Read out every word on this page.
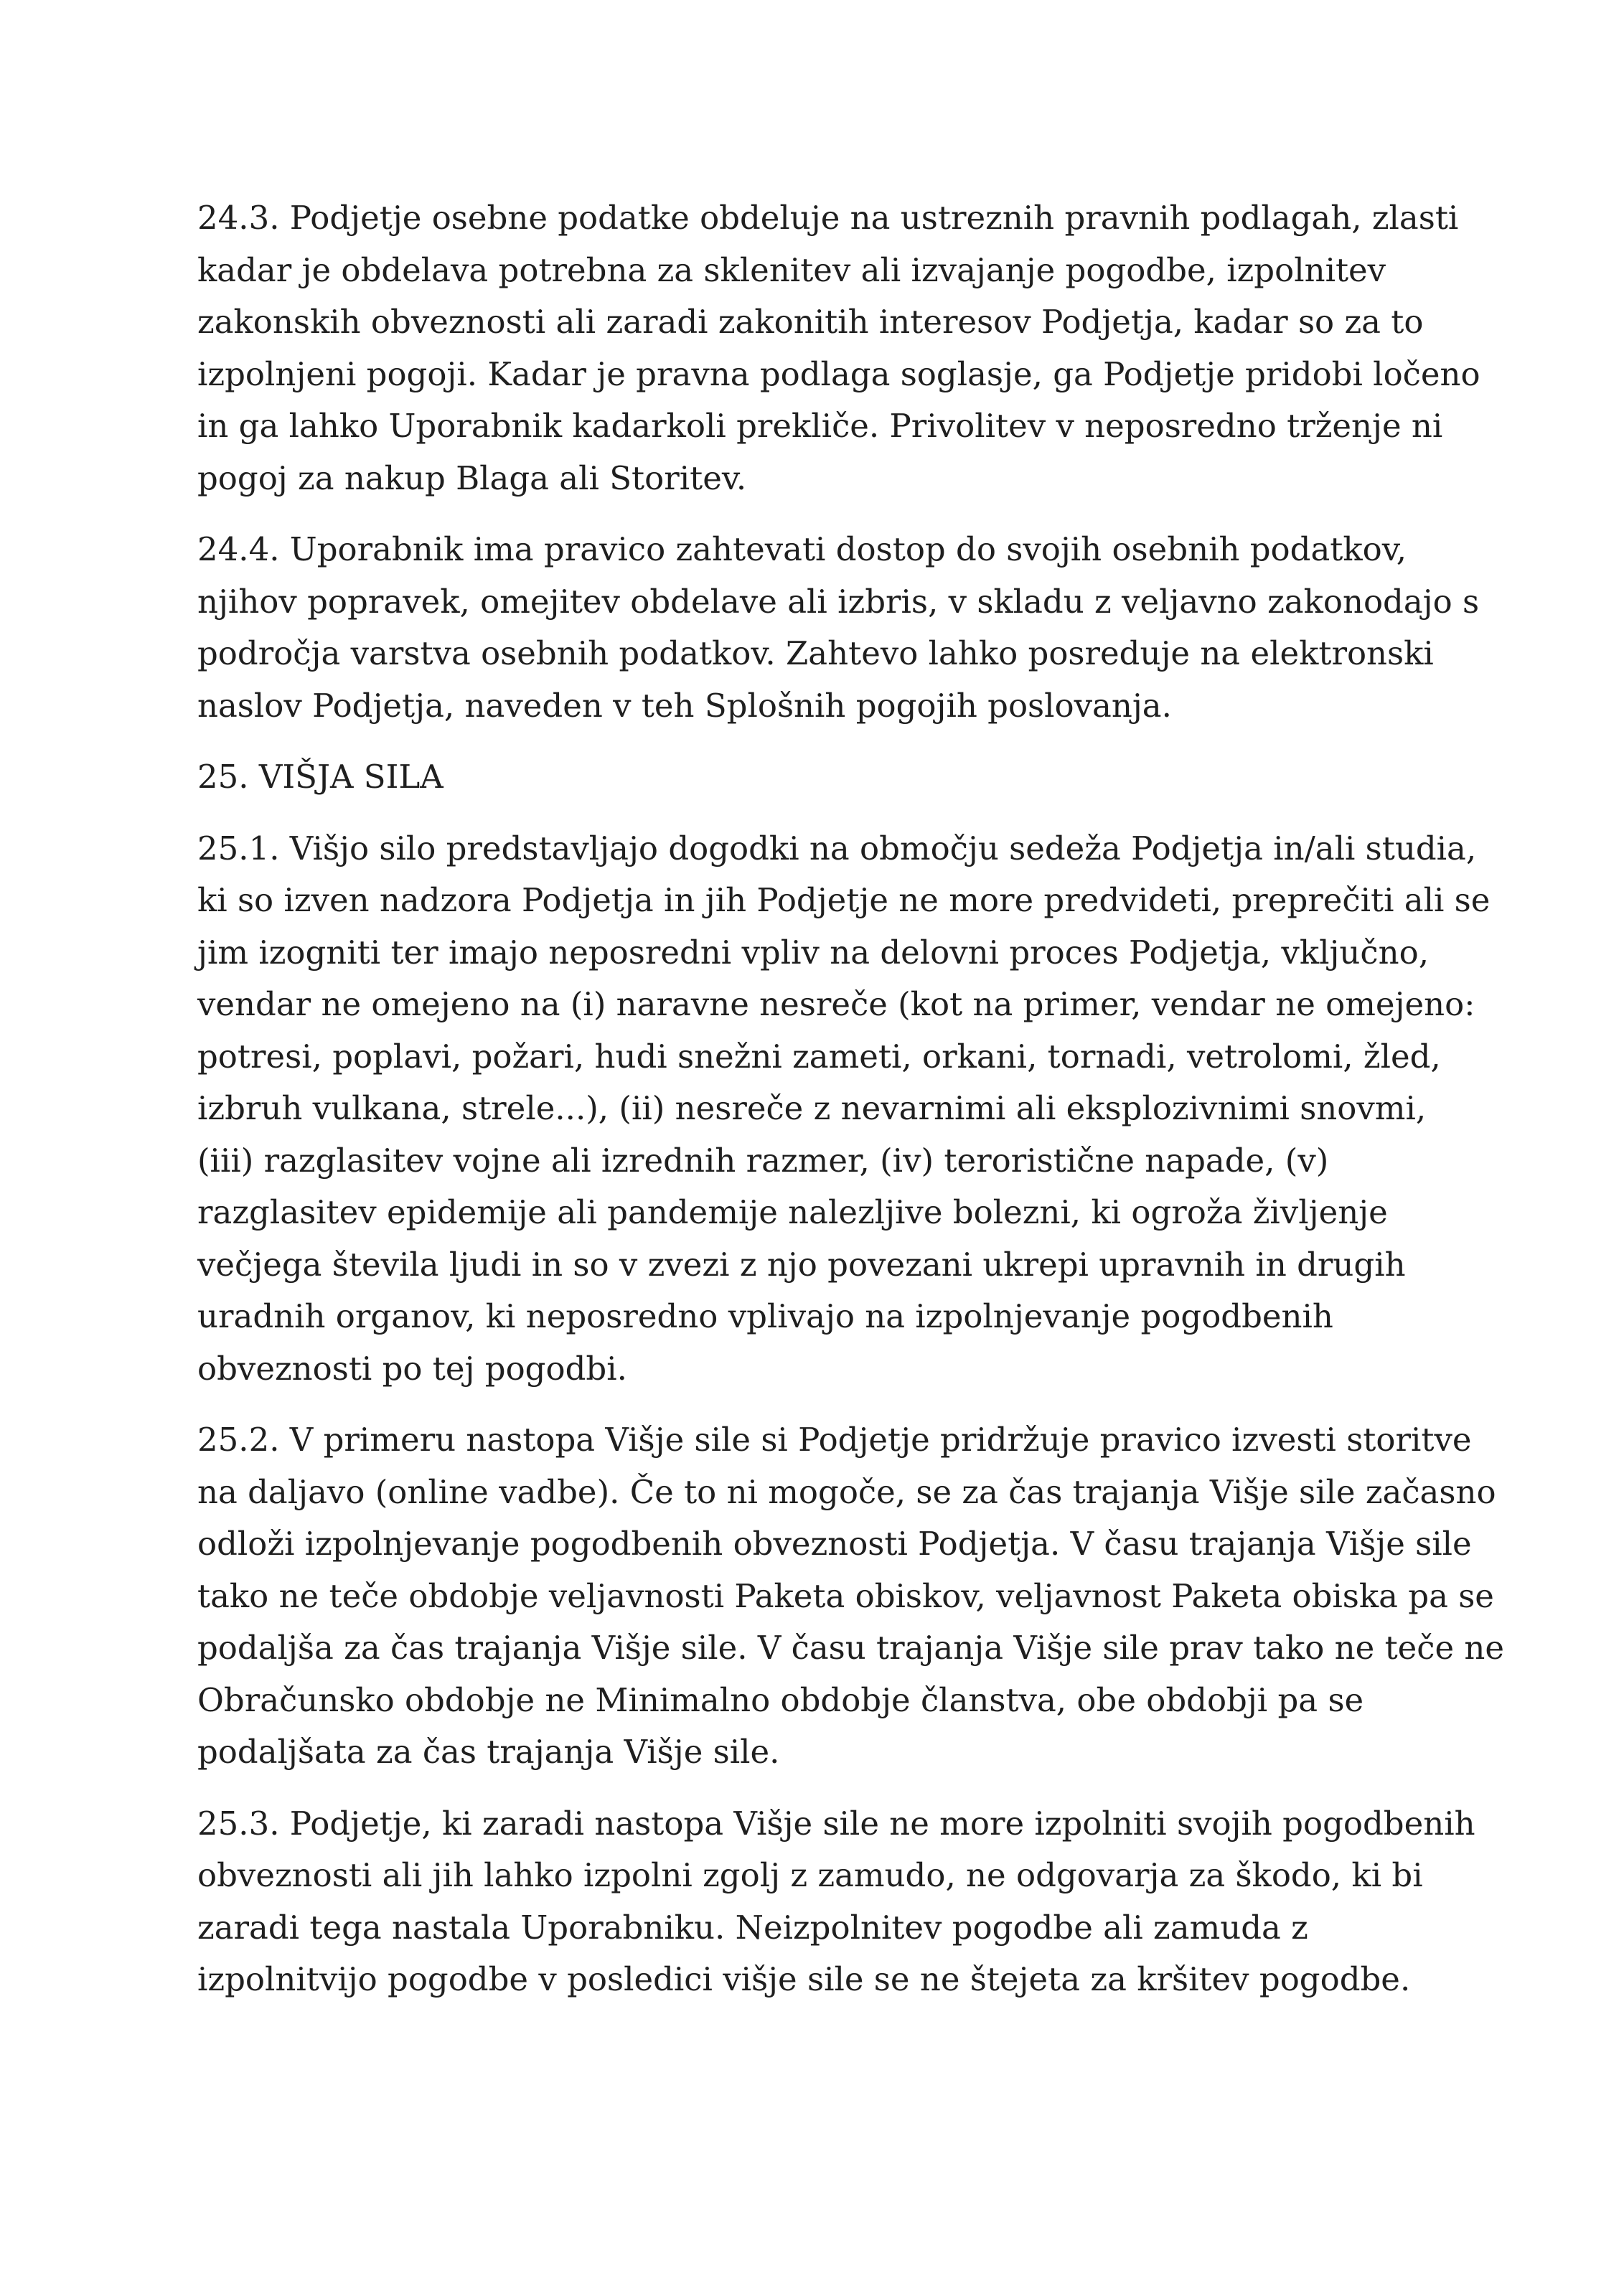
24.3. Podjetje osebne podatke obdeluje na ustreznih pravnih podlagah, zlasti
kadar je obdelava potrebna za sklenitev ali izvajanje pogodbe, izpolnitev
zakonskih obveznosti ali zaradi zakonitih interesov Podjetja, kadar so za to
izpolnjeni pogoji. Kadar je pravna podlaga soglasje, ga Podjetje pridobi ločeno
in ga lahko Uporabnik kadarkoli prekliče. Privolitev v neposredno trženje ni
pogoj za nakup Blaga ali Storitev.

24.4. Uporabnik ima pravico zahtevati dostop do svojih osebnih podatkov,
njihov popravek, omejitev obdelave ali izbris, v skladu z veljavno zakonodajo s
področja varstva osebnih podatkov. Zahtevo lahko posreduje na elektronski
naslov Podjetja, naveden v teh Splošnih pogojih poslovanja.

25. VIŠJA SILA

25.1. Višjo silo predstavljajo dogodki na območju sedeža Podjetja in/ali studia,
ki so izven nadzora Podjetja in jih Podjetje ne more predvideti, preprečiti ali se
jim izogniti ter imajo neposredni vpliv na delovni proces Podjetja, vključno,
vendar ne omejeno na (i) naravne nesreče (kot na primer, vendar ne omejeno:
potresi, poplavi, požari, hudi snežni zameti, orkani, tornadi, vetrolomi, žled,
izbruh vulkana, strele...), (ii) nesreče z nevarnimi ali eksplozivnimi snovmi,
(iii) razglasitev vojne ali izrednih razmer, (iv) teroristične napade, (v)
razglasitev epidemije ali pandemije nalezljive bolezni, ki ogroža življenje
večjega števila ljudi in so v zvezi z njo povezani ukrepi upravnih in drugih
uradnih organov, ki neposredno vplivajo na izpolnjevanje pogodbenih
obveznosti po tej pogodbi.

25.2. V primeru nastopa Višje sile si Podjetje pridržuje pravico izvesti storitve
na daljavo (online vadbe). Če to ni mogoče, se za čas trajanja Višje sile začasno
odloži izpolnjevanje pogodbenih obveznosti Podjetja. V času trajanja Višje sile
tako ne teče obdobje veljavnosti Paketa obiskov, veljavnost Paketa obiska pa se
podaljša za čas trajanja Višje sile. V času trajanja Višje sile prav tako ne teče ne
Obračunsko obdobje ne Minimalno obdobje članstva, obe obdobji pa se
podaljšata za čas trajanja Višje sile.

25.3. Podjetje, ki zaradi nastopa Višje sile ne more izpolniti svojih pogodbenih
obveznosti ali jih lahko izpolni zgolj z zamudo, ne odgovarja za škodo, ki bi
zaradi tega nastala Uporabniku. Neizpolnitev pogodbe ali zamuda z
izpolnitvijo pogodbe v posledici višje sile se ne štejeta za kršitev pogodbe.
